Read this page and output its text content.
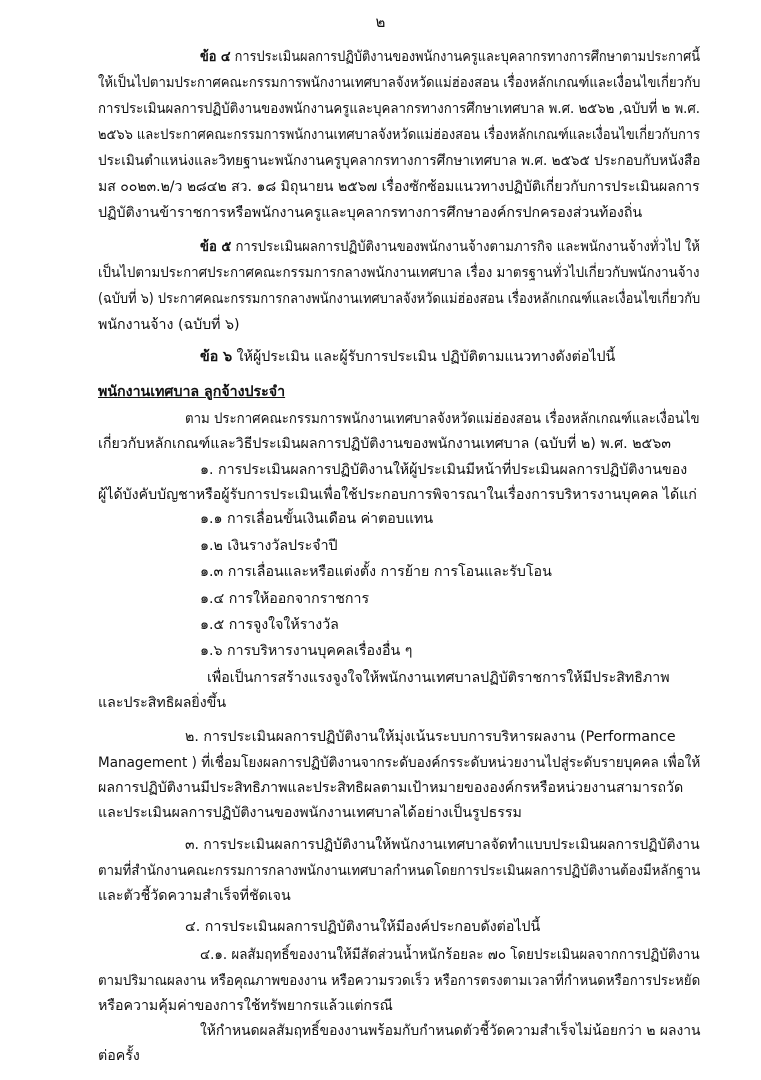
๒
ข้อ ๔ การประเมินผลการปฏิบัติงานของพนักงานครูและบุคลากรทางการศึกษาตามประกาศนี้
ให้เป็นไปตามประกาศคณะกรรมการพนักงานเทศบาลจังหวัดแม่ฮ่องสอน เรื่องหลักเกณฑ์และเงื่อนไขเกี่ยวกับ
การประเมินผลการปฏิบัติงานของพนักงานครูและบุคลากรทางการศึกษาเทศบาล พ.ศ. ๒๕๖๒ ,ฉบับที่ ๒ พ.ศ.
๒๕๖๖ และประกาศคณะกรรมการพนักงานเทศบาลจังหวัดแม่ฮ่องสอน เรื่องหลักเกณฑ์และเงื่อนไขเกี่ยวกับการ
ประเมินตำแหน่งและวิทยฐานะพนักงานครูบุคลากรทางการศึกษาเทศบาล พ.ศ. ๒๕๖๕ ประกอบกับหนังสือ
มส ๐๐๒๓.๒/ว ๒๘๔๒ สว. ๑๘ มิถุนายน ๒๕๖๗ เรื่องซักซ้อมแนวทางปฏิบัติเกี่ยวกับการประเมินผลการ
ปฏิบัติงานข้าราชการหรือพนักงานครูและบุคลากรทางการศึกษาองค์กรปกครองส่วนท้องถิ่น
ข้อ ๕ การประเมินผลการปฏิบัติงานของพนักงานจ้างตามภารกิจ และพนักงานจ้างทั่วไป ให้
เป็นไปตามประกาศประกาศคณะกรรมการกลางพนักงานเทศบาล เรื่อง มาตรฐานทั่วไปเกี่ยวกับพนักงานจ้าง
(ฉบับที่ ๖) ประกาศคณะกรรมการกลางพนักงานเทศบาลจังหวัดแม่ฮ่องสอน เรื่องหลักเกณฑ์และเงื่อนไขเกี่ยวกับ
พนักงานจ้าง (ฉบับที่ ๖)
ข้อ ๖ ให้ผู้ประเมิน และผู้รับการประเมิน ปฏิบัติตามแนวทางดังต่อไปนี้
พนักงานเทศบาล ลูกจ้างประจำ
ตาม ประกาศคณะกรรมการพนักงานเทศบาลจังหวัดแม่ฮ่องสอน เรื่องหลักเกณฑ์และเงื่อนไข
เกี่ยวกับหลักเกณฑ์และวิธีประเมินผลการปฏิบัติงานของพนักงานเทศบาล (ฉบับที่ ๒) พ.ศ. ๒๕๖๓
๑. การประเมินผลการปฏิบัติงานให้ผู้ประเมินมีหน้าที่ประเมินผลการปฏิบัติงานของ
ผู้ได้บังคับบัญชาหรือผู้รับการประเมินเพื่อใช้ประกอบการพิจารณาในเรื่องการบริหารงานบุคคล ได้แก่
๑.๑ การเลื่อนขั้นเงินเดือน ค่าตอบแทน
๑.๒ เงินรางวัลประจำปี
๑.๓ การเลื่อนและหรือแต่งตั้ง การย้าย การโอนและรับโอน
๑.๔ การให้ออกจากราชการ
๑.๕ การจูงใจให้รางวัล
๑.๖ การบริหารงานบุคคลเรื่องอื่น ๆ
เพื่อเป็นการสร้างแรงจูงใจให้พนักงานเทศบาลปฏิบัติราชการให้มีประสิทธิภาพ
และประสิทธิผลยิ่งขึ้น
๒. การประเมินผลการปฏิบัติงานให้มุ่งเน้นระบบการบริหารผลงาน (Performance
Management ) ที่เชื่อมโยงผลการปฏิบัติงานจากระดับองค์กรระดับหน่วยงานไปสู่ระดับรายบุคคล เพื่อให้
ผลการปฏิบัติงานมีประสิทธิภาพและประสิทธิผลตามเป้าหมายขององค์กรหรือหน่วยงานสามารถวัด
และประเมินผลการปฏิบัติงานของพนักงานเทศบาลได้อย่างเป็นรูปธรรม
๓. การประเมินผลการปฏิบัติงานให้พนักงานเทศบาลจัดทำแบบประเมินผลการปฏิบัติงาน
ตามที่สำนักงานคณะกรรมการกลางพนักงานเทศบาลกำหนดโดยการประเมินผลการปฏิบัติงานต้องมีหลักฐาน
และตัวชี้วัดความสำเร็จที่ชัดเจน
๔. การประเมินผลการปฏิบัติงานให้มีองค์ประกอบดังต่อไปนี้
๔.๑. ผลสัมฤทธิ์ของงานให้มีสัดส่วนน้ำหนักร้อยละ ๗๐ โดยประเมินผลจากการปฏิบัติงาน
ตามปริมาณผลงาน หรือคุณภาพของงาน หรือความรวดเร็ว หรือการตรงตามเวลาที่กำหนดหรือการประหยัด
หรือความคุ้มค่าของการใช้ทรัพยากรแล้วแต่กรณี
ให้กำหนดผลสัมฤทธิ์ของงานพร้อมกับกำหนดตัวชี้วัดความสำเร็จไม่น้อยกว่า ๒ ผลงาน
ต่อครั้ง
